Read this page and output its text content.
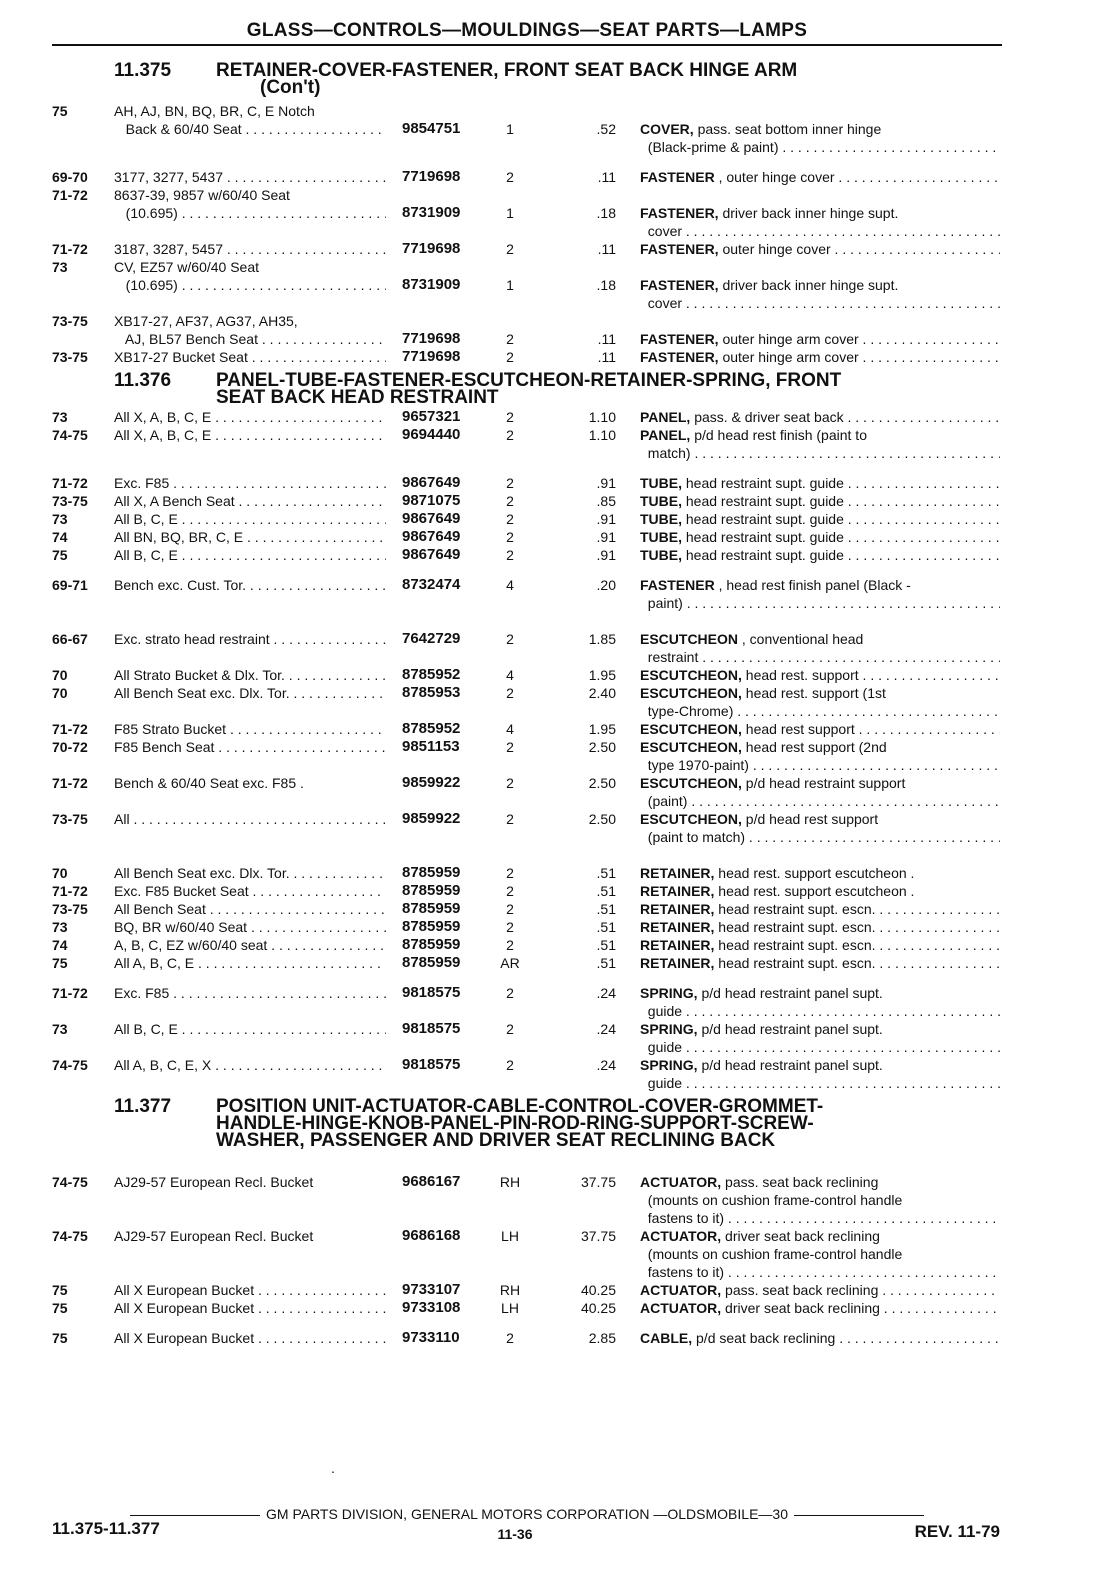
GLASS—CONTROLS—MOULDINGS—SEAT PARTS—LAMPS
11.375 RETAINER-COVER-FASTENER, FRONT SEAT BACK HINGE ARM
(Con't)
75	AH, AJ, BN, BQ, BR, C, E Notch
Back & 60/40 Seat . . .	9854751	1	.52 COVER, pass. seat bottom inner hinge
(Black-prime & paint) . . .
69-70 3177, 3277, 5437 . . .	7719698	2	.11 FASTENER , outer hinge cover . . .
71-72 8637-39, 9857 w/60/40 Seat
(10.695) . . .	8731909	1	.18 FASTENER, driver back inner hinge supt.
cover . . .
71-72 3187, 3287, 5457 . . .	7719698	2	.11 FASTENER, outer hinge cover . . .
73	CV, EZ57 w/60/40 Seat
(10.695) . . .	8731909	1	.18 FASTENER, driver back inner hinge supt.
cover . . .
73-75 XB17-27, AF37, AG37, AH35,
AJ, BL57 Bench Seat . . .	7719698	2	.11 FASTENER, outer hinge arm cover . . .
73-75 XB17-27 Bucket Seat . . .	7719698	2	.11 FASTENER, outer hinge arm cover . . .
11.376 PANEL-TUBE-FASTENER-ESCUTCHEON-RETAINER-SPRING, FRONT
SEAT BACK HEAD RESTRAINT
73	All X, A, B, C, E . . .	9657321	2	1.10 PANEL, pass. & driver seat back . . .
74-75 All X, A, B, C, E . . .	9694440	2	1.10 PANEL, p/d head rest finish (paint to
match) . . .
71-72 Exc. F85 . . .	9867649	2	.91 TUBE, head restraint supt. guide . . .
73-75 All X, A Bench Seat . . .	9871075	2	.85 TUBE, head restraint supt. guide . . .
73	All B, C, E . . .	9867649	2	.91 TUBE, head restraint supt. guide . . .
74	All BN, BQ, BR, C, E . . .	9867649	2	.91 TUBE, head restraint supt. guide . . .
75	All B, C, E . . .	9867649	2	.91 TUBE, head restraint supt. guide . . .
69-71 Bench exc. Cust. Tor. . . .	8732474	4	.20 FASTENER , head rest finish panel (Black -
paint) . . .
66-67 Exc. strato head restraint . . .	7642729	2	1.85 ESCUTCHEON , conventional head
restraint . . .
70	All Strato Bucket & Dlx. Tor. . . .	8785952	4	1.95 ESCUTCHEON, head rest. support . . .
70	All Bench Seat exc. Dlx. Tor. . . .	8785953	2	2.40 ESCUTCHEON, head rest. support (1st
type-Chrome) . . .
71-72 F85 Strato Bucket . . .	8785952	4	1.95 ESCUTCHEON, head rest support . . .
70-72 F85 Bench Seat . . .	9851153	2	2.50 ESCUTCHEON, head rest support (2nd
type 1970-paint) . . .
71-72 Bench & 60/40 Seat exc. F85 .	9859922	2	2.50 ESCUTCHEON, p/d head restraint support
(paint) . . .
73-75 All . . .	9859922	2	2.50 ESCUTCHEON, p/d head rest support
(paint to match) . . .
70	All Bench Seat exc. Dlx. Tor. . . .	8785959	2	.51 RETAINER, head rest. support escutcheon .
71-72 Exc. F85 Bucket Seat . . .	8785959	2	.51 RETAINER, head rest. support escutcheon .
73-75 All Bench Seat . . .	8785959	2	.51 RETAINER, head restraint supt. escn. . . .
73	BQ, BR w/60/40 Seat . . .	8785959	2	.51 RETAINER, head restraint supt. escn. . . .
74	A, B, C, EZ w/60/40 seat . . .	8785959	2	.51 RETAINER, head restraint supt. escn. . . .
75	All A, B, C, E . . .	8785959	AR	.51 RETAINER, head restraint supt. escn. . . .
71-72 Exc. F85 . . .	9818575	2	.24 SPRING, p/d head restraint panel supt.
guide . . .
73	All B, C, E . . .	9818575	2	.24 SPRING, p/d head restraint panel supt.
guide . . .
74-75 All A, B, C, E, X . . .	9818575	2	.24 SPRING, p/d head restraint panel supt.
guide . . .
11.377 POSITION UNIT-ACTUATOR-CABLE-CONTROL-COVER-GROMMET-
HANDLE-HINGE-KNOB-PANEL-PIN-ROD-RING-SUPPORT-SCREW-
WASHER, PASSENGER AND DRIVER SEAT RECLINING BACK
74-75 AJ29-57 European Recl. Bucket	9686167	RH	37.75 ACTUATOR, pass. seat back reclining
(mounts on cushion frame-control handle
fastens to it) . . .
74-75 AJ29-57 European Recl. Bucket	9686168	LH	37.75 ACTUATOR, driver seat back reclining
(mounts on cushion frame-control handle
fastens to it) . . .
75	All X European Bucket . . .	9733107	RH	40.25 ACTUATOR, pass. seat back reclining . . .
75	All X European Bucket . . .	9733108	LH	40.25 ACTUATOR, driver seat back reclining . . .
75	All X European Bucket . . .	9733110	2	2.85 CABLE, p/d seat back reclining . . .
.
GM PARTS DIVISION, GENERAL MOTORS CORPORATION —OLDSMOBILE—30
11.375-11.377	11-36	REV. 11-79
